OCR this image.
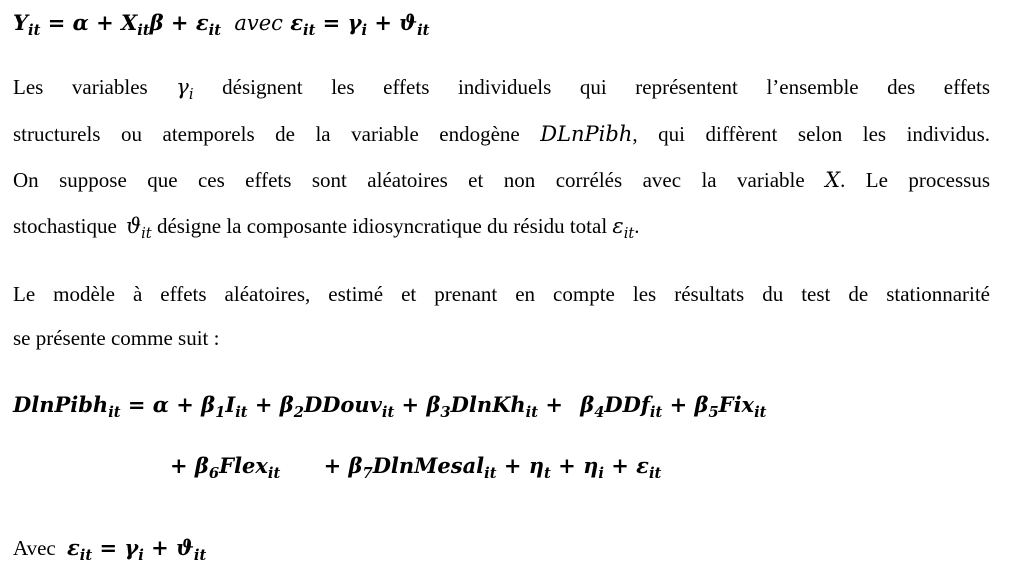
$Y_{it} = \alpha + X_{it}\beta + \varepsilon_{it}$ avec $\varepsilon_{it} = \gamma_i + ϑ_{it}$
Les variables $\gamma_i$ désignent les effets individuels qui représentent l’ensemble des effets
structurels ou atemporels de la variable endogène DLnPibh, qui diffèrent selon les individus.
On suppose que ces effets sont aléatoires et non corrélés avec la variable X. Le processus
stochastique $ϑ_{it}$ désigne la composante idiosyncratique du résidu total $\varepsilon_{it}$.
Le modèle à effets aléatoires, estimé et prenant en compte les résultats du test de stationnarité
se présente comme suit :
DlnPibh$_{it}$ = $\alpha + \beta_1I_{it}$ + $\beta_2DDouv_{it}$ + $\beta_3DlnKh_{it} + \beta_4DDf_{it} + \beta_5Fix_{it}$
+ $\beta_6Flex_{it}$ + $\beta_7DlnMesal_{it} + \eta_t + \eta_i + \varepsilon_{it}$
Avec $\varepsilon_{it} = \gamma_i + ϑ_{it}$
